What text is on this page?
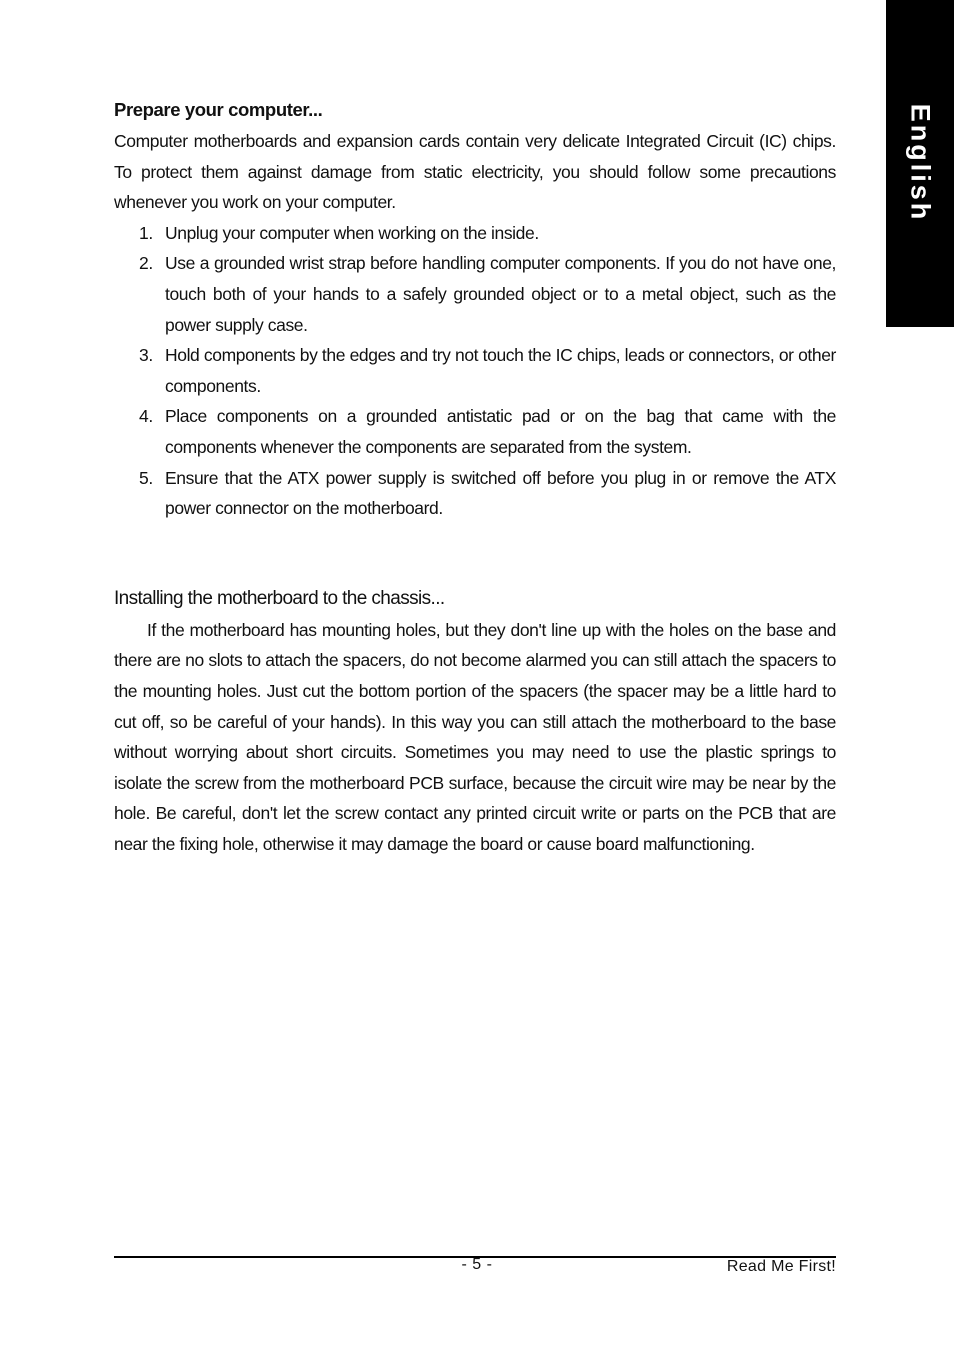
English
Prepare your computer...

Computer motherboards and expansion cards contain very delicate Integrated Circuit (IC) chips. To protect them against damage from static electricity, you should follow some precautions whenever you work on your computer.

1. Unplug your computer when working on the inside.
2. Use a grounded wrist strap before handling computer components. If you do not have one, touch both of your hands to a safely grounded object or to a metal object, such as the power supply case.
3. Hold components by the edges and try not touch the IC chips, leads or connectors, or other components.
4. Place components on a grounded antistatic pad or on the bag that came with the components whenever the components are separated from the system.
5. Ensure that the ATX power supply is switched off before you plug in or remove the ATX power connector on the motherboard.
Installing the motherboard to the chassis...

If the motherboard has mounting holes, but they don't line up with the holes on the base and there are no slots to attach the spacers, do not become alarmed you can still attach the spacers to the mounting holes. Just cut the bottom portion of the spacers (the spacer may be a little hard to cut off, so be careful of your hands). In this way you can still attach the motherboard to the base without worrying about short circuits. Sometimes you may need to use the plastic springs to isolate the screw from the motherboard PCB surface, because the circuit wire may be near by the hole. Be careful, don't let the screw contact any printed circuit write or parts on the PCB that are near the fixing hole, otherwise it may damage the board or cause board malfunctioning.

- 5 -	Read Me First!
